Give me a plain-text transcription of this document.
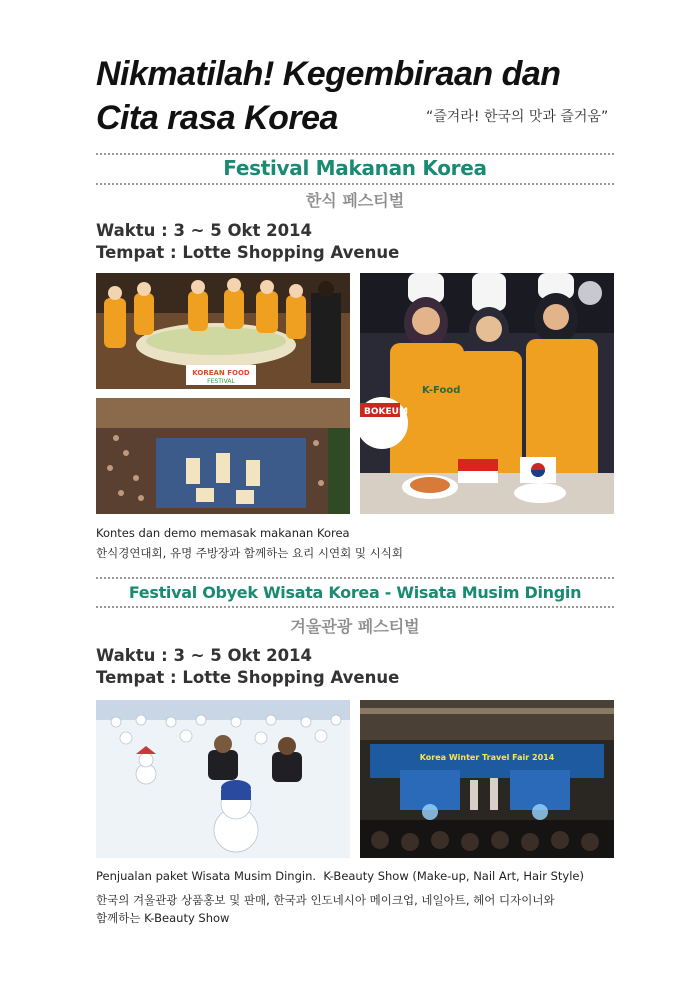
Nikmatilah! Kegembiraan dan
Cita rasa Korea	“즐겨라! 한국의 맛과 즐거움”
Festival Makanan Korea
한식 페스티벌
Waktu : 3 ~ 5 Okt 2014
Tempat : Lotte Shopping Avenue
KOREAN FOOD
FESTIVAL
K-Food
BOKEUM
Kontes dan demo memasak makanan Korea
한식경연대회, 유명 주방장과 함께하는 요리 시연회 및 시식회
Festival Obyek Wisata Korea - Wisata Musim Dingin
겨울관광 페스티벌
Waktu : 3 ~ 5 Okt 2014
Tempat : Lotte Shopping Avenue
Korea Winter Travel Fair 2014
Penjualan paket Wisata Musim Dingin.  K-Beauty Show (Make-up, Nail Art, Hair Style)
한국의 겨울관광 상품홍보 및 판매, 한국과 인도네시아 메이크업, 네일아트, 헤어 디자이너와
함께하는 K-Beauty Show
